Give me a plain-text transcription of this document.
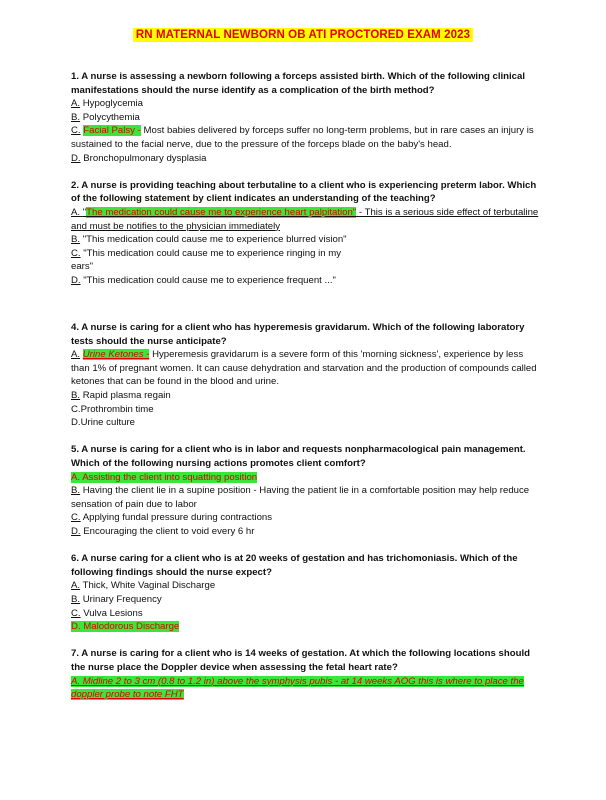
RN MATERNAL NEWBORN OB ATI PROCTORED EXAM 2023

1. A nurse is assessing a newborn following a forceps assisted birth. Which of the following clinical manifestations should the nurse identify as a complication of the birth method?

A. Hypoglycemia

B. Polycythemia

C. Facial Palsy - Most babies delivered by forceps suffer no long-term problems, but in rare cases an injury is sustained to the facial nerve, due to the pressure of the forceps blade on the baby's head.

D. Bronchopulmonary dysplasia

2. A nurse is providing teaching about terbutaline to a client who is experiencing preterm labor. Which of the following statement by client indicates an understanding of the teaching?

A. "The medication could cause me to experience heart palpitation" - This is a serious side effect of terbutaline and must be notifies to the physician immediately

B. "This medication could cause me to experience blurred vision"

C. "This medication could cause me to experience ringing in my
ears"

D. "This medication could cause me to experience frequent ..."

4. A nurse is caring for a client who has hyperemesis gravidarum. Which of the following laboratory tests should the nurse anticipate?

A. Urine Ketones - Hyperemesis gravidarum is a severe form of this 'morning sickness', experience by less than 1% of pregnant women. It can cause dehydration and starvation and the production of compounds called ketones that can be found in the blood and urine.

B. Rapid plasma regain

C.Prothrombin time

D.Urine culture

5. A nurse is caring for a client who is in labor and requests nonpharmacological pain management. Which of the following nursing actions promotes client comfort?

A. Assisting the client into squatting position

B. Having the client lie in a supine position - Having the patient lie in a comfortable position may help reduce sensation of pain due to labor

C. Applying fundal pressure during contractions

D. Encouraging the client to void every 6 hr

6. A nurse caring for a client who is at 20 weeks of gestation and has trichomoniasis. Which of the following findings should the nurse expect?

A. Thick, White Vaginal Discharge

B. Urinary Frequency

C. Vulva Lesions

D. Malodorous Discharge

7. A nurse is caring for a client who is 14 weeks of gestation. At which the following locations should the nurse place the Doppler device when assessing the fetal heart rate?

A. Midline 2 to 3 cm (0.8 to 1.2 in) above the symphysis pubis - at 14 weeks AOG this is where to place the doppler probe to note FHT
